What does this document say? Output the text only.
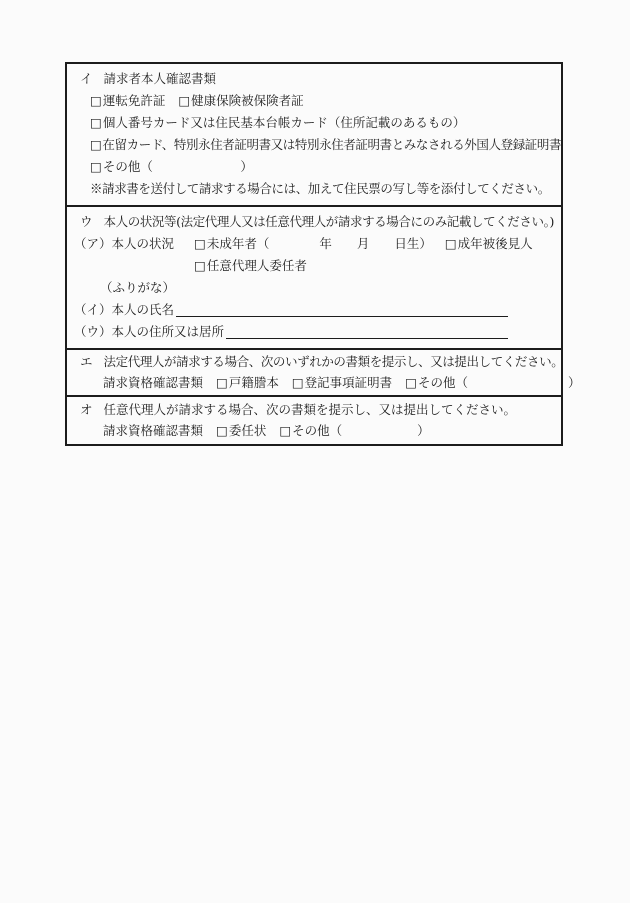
イ 請求者本人確認書類
□ 運転免許証 □ 健康保険被保険者証
□ 個人番号カード又は住民基本台帳カード（住所記載のあるもの）
□ 在留カード、特別永住者証明書又は特別永住者証明書とみなされる外国人登録証明書
□ その他（　　　　　　　）
※請求書を送付して請求する場合には、加えて住民票の写し等を添付してください。
ウ 本人の状況等(法定代理人又は任意代理人が請求する場合にのみ記載してください。)
（ア）本人の状況	□ 未成年者（　　　　年　　月　　日生） □ 成年被後見人
□ 任意代理人委任者
（ふりがな）
（イ）本人の氏名
（ウ）本人の住所又は居所
エ 法定代理人が請求する場合、次のいずれかの書類を提示し、又は提出してください。
請求資格確認書類 □ 戸籍謄本 □ 登記事項証明書 □ その他（　　　　　　　　）
オ 任意代理人が請求する場合、次の書類を提示し、又は提出してください。
請求資格確認書類 □ 委任状 □ その他（　　　　　　）
